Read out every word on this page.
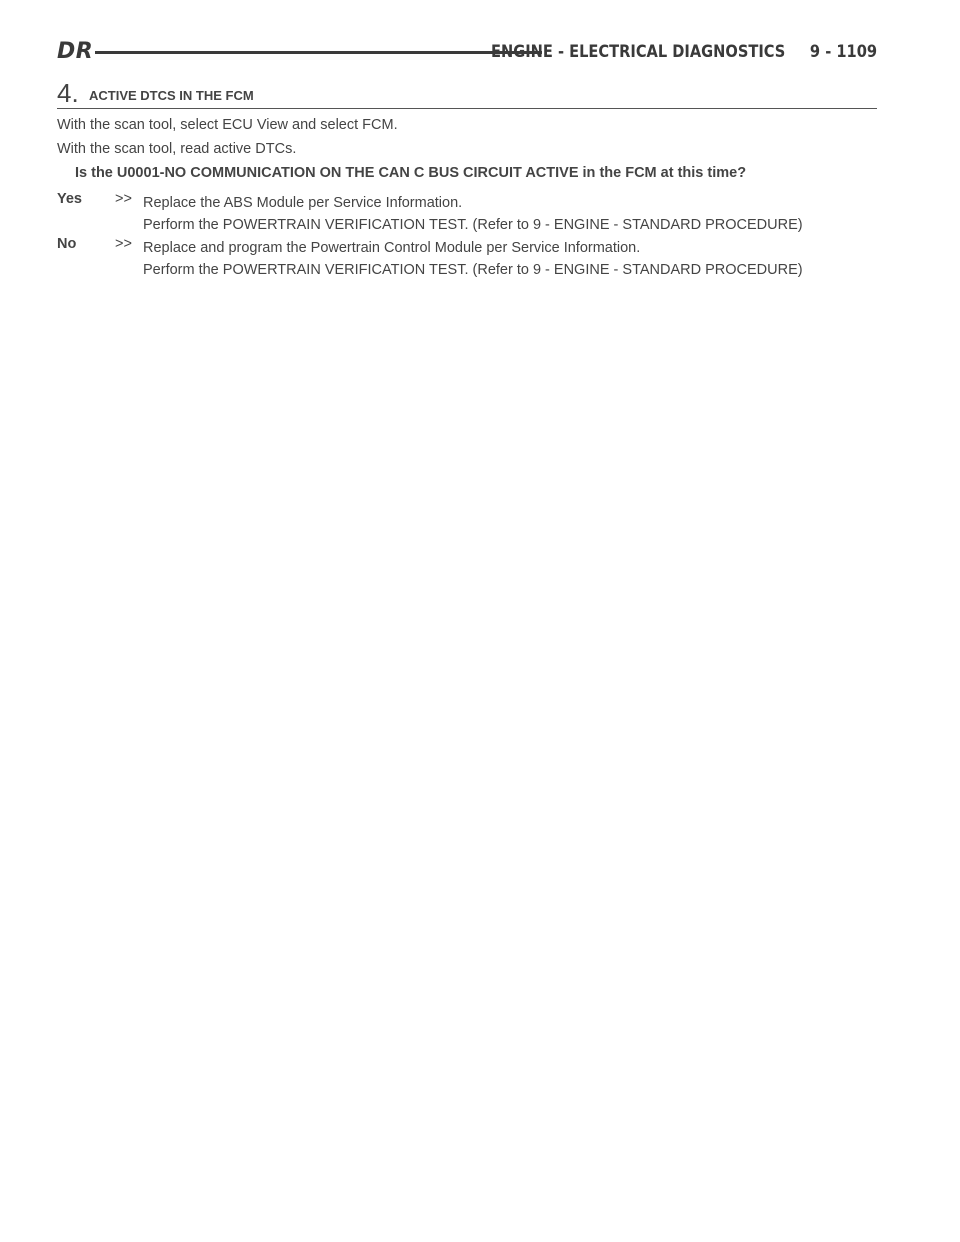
DR	ENGINE - ELECTRICAL DIAGNOSTICS 9 - 1109
4. ACTIVE DTCS IN THE FCM
With the scan tool, select ECU View and select FCM.
With the scan tool, read active DTCs.
Is the U0001-NO COMMUNICATION ON THE CAN C BUS CIRCUIT ACTIVE in the FCM at this time?
Yes >> Replace the ABS Module per Service Information.
Perform the POWERTRAIN VERIFICATION TEST. (Refer to 9 - ENGINE - STANDARD PROCEDURE)
No	>> Replace and program the Powertrain Control Module per Service Information.
Perform the POWERTRAIN VERIFICATION TEST. (Refer to 9 - ENGINE - STANDARD PROCEDURE)
